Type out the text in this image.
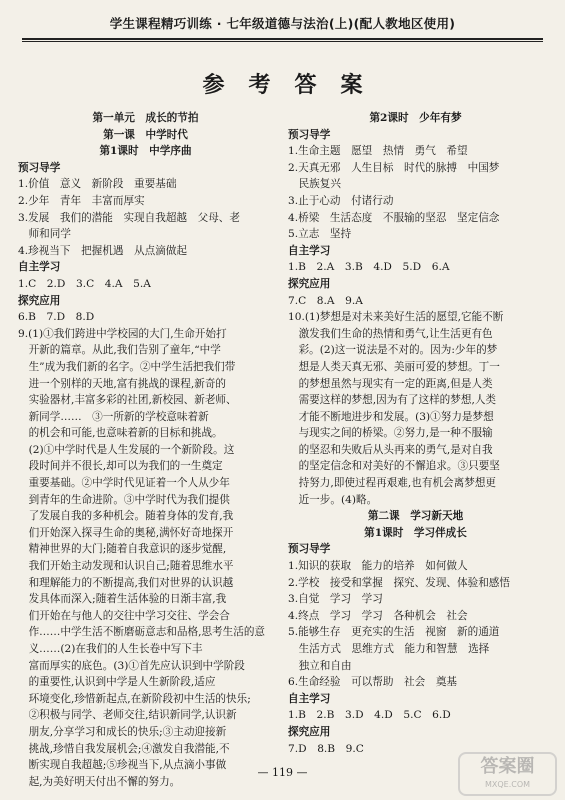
学生课程精巧训练 · 七年级道德与法治(上)(配人教地区使用)
参考答案
第一单元　成长的节拍
第一课　中学时代
第1课时　中学序曲
预习导学
1.价值　意义　新阶段　重要基础
2.少年　青年　丰富而厚实
3.发展　我们的潜能　实现自我超越　父母、老
　师和同学
4.珍视当下　把握机遇　从点滴做起
自主学习
1.C　2.D　3.C　4.A　5.A
探究应用
6.B　7.D　8.D
9.(1)①我们跨进中学校园的大门,生命开始打
　开新的篇章。从此,我们告别了童年,“中学
　生”成为我们新的名字。②中学生活把我们带
　进一个别样的天地,富有挑战的课程,新奇的
　实验器材,丰富多彩的社团,新校园、新老师、
　新同学……　③一所新的学校意味着新
　的机会和可能,也意味着新的目标和挑战。
　(2)①中学时代是人生发展的一个新阶段。这
　段时间并不很长,却可以为我们的一生奠定
　重要基础。②中学时代见证着一个人从少年
　到青年的生命进阶。③中学时代为我们提供
　了发展自我的多种机会。随着身体的发育,我
　们开始深入探寻生命的奥秘,满怀好奇地探开
　精神世界的大门;随着自我意识的逐步觉醒,
　我们开始主动发现和认识自己;随着思维水平
　和理解能力的不断提高,我们对世界的认识越
　发具体而深入;随着生活体验的日渐丰富,我
　们开始在与他人的交往中学习交往、学会合
　作……中学生活不断磨砺意志和品格,思考生活的意
　义……(2)在我们的人生长卷中写下丰
　富而厚实的底色。(3)①首先应认识到中学阶段
　的重要性,认识到中学是人生新阶段,适应
　环境变化,珍惜新起点,在新阶段初中生活的快乐;
　②积极与同学、老师交往,结识新同学,认识新
　朋友,分享学习和成长的快乐;③主动迎接新
　挑战,珍惜自我发展机会;④激发自我潜能,不
　断实现自我超越;⑤珍视当下,从点滴小事做
　起,为美好明天付出不懈的努力。
第2课时　少年有梦
预习导学
1.生命主题　愿望　热情　勇气　希望
2.天真无邪　人生目标　时代的脉搏　中国梦
　民族复兴
3.止于心动　付诸行动
4.桥梁　生活态度　不服输的坚忍　坚定信念
5.立志　坚持
自主学习
1.B　2.A　3.B　4.D　5.D　6.A
探究应用
7.C　8.A　9.A
10.(1)梦想是对未来美好生活的愿望,它能不断
　激发我们生命的热情和勇气,让生活更有色
　彩。(2)这一说法是不对的。因为:少年的梦
　想是人类天真无邪、美丽可爱的梦想。丁一
　的梦想虽然与现实有一定的距离,但是人类
　需要这样的梦想,因为有了这样的梦想,人类
　才能不断地进步和发展。(3)①努力是梦想
　与现实之间的桥梁。②努力,是一种不服输
　的坚忍和失败后从头再来的勇气,是对自我
　的坚定信念和对美好的不懈追求。③只要坚
　持努力,即使过程再艰难,也有机会离梦想更
　近一步。(4)略。
第二课　学习新天地
第1课时　学习伴成长
预习导学
1.知识的获取　能力的培养　如何做人
2.学校　接受和掌握　探究、发现、体验和感悟
3.自觉　学习　学习
4.终点　学习　学习　各种机会　社会
5.能够生存　更充实的生活　视窗　新的通道
　生活方式　思维方式　能力和智慧　选择
　独立和自由
6.生命经验　可以帮助　社会　奠基
自主学习
1.B　2.B　3.D　4.D　5.C　6.D
探究应用
7.D　8.B　9.C
— 119 —	答案圈
MXQE.COM
